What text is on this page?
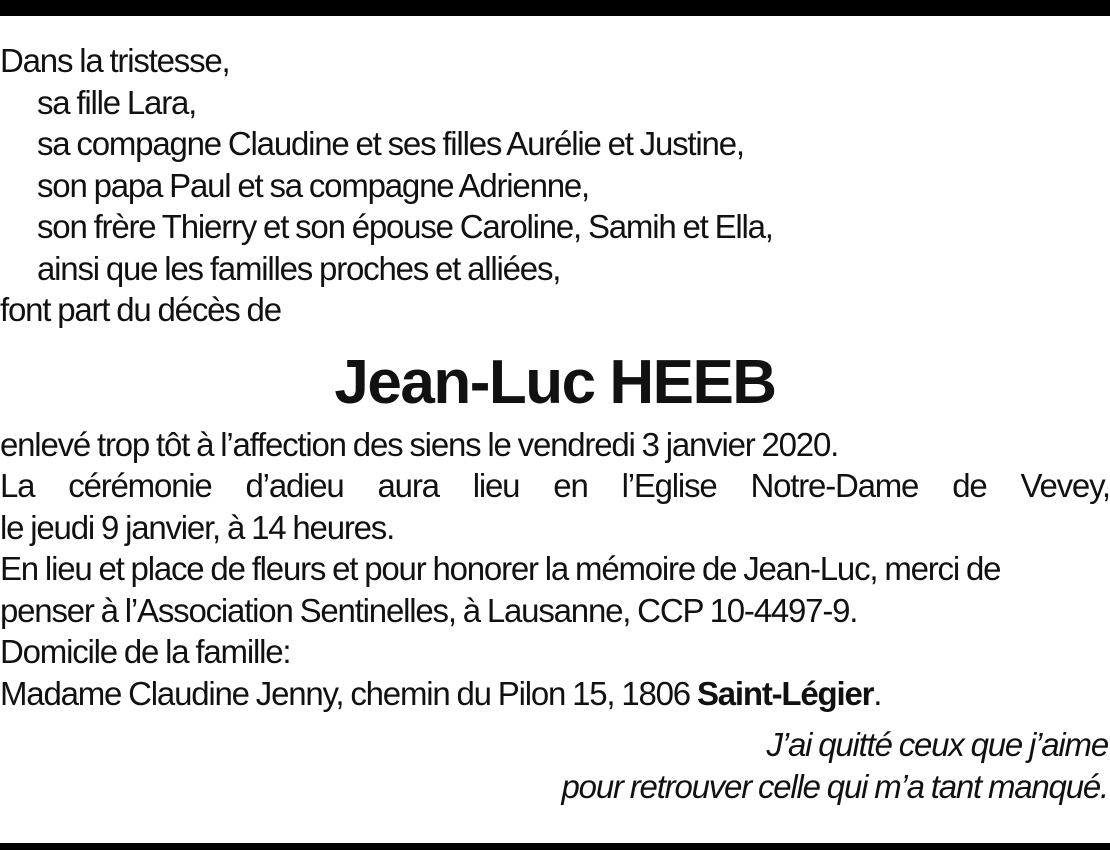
Dans la tristesse,
sa fille Lara,
sa compagne Claudine et ses filles Aurélie et Justine,
son papa Paul et sa compagne Adrienne,
son frère Thierry et son épouse Caroline, Samih et Ella,
ainsi que les familles proches et alliées,
font part du décès de
Jean-Luc HEEB
enlevé trop tôt à l’affection des siens le vendredi 3 janvier 2020.
La cérémonie d’adieu aura lieu en l’Eglise Notre-Dame de Vevey,
le jeudi 9 janvier, à 14 heures.
En lieu et place de fleurs et pour honorer la mémoire de Jean-Luc, merci de
penser à l’Association Sentinelles, à Lausanne, CCP 10-4497-9.
Domicile de la famille:
Madame Claudine Jenny, chemin du Pilon 15, 1806 Saint-Légier.
J’ai quitté ceux que j’aime
pour retrouver celle qui m’a tant manqué.
